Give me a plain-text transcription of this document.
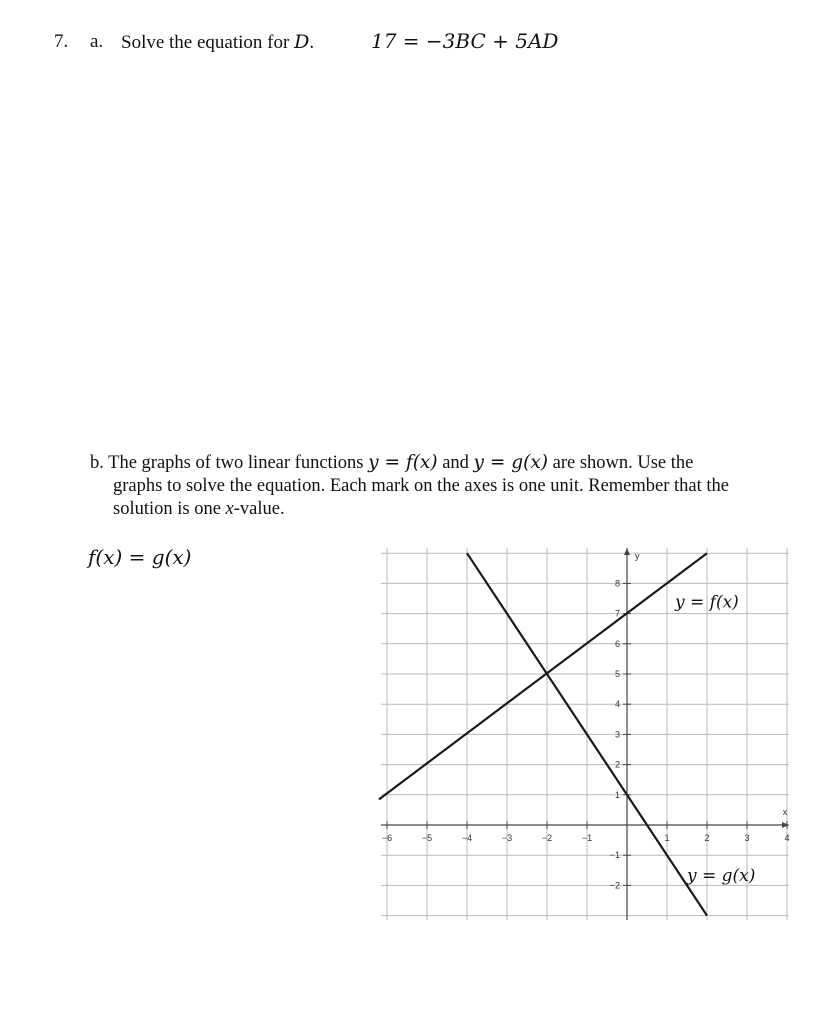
7. a. Solve the equation for D.	17 = −3BC + 5AD
b. The graphs of two linear functions y = f(x) and y = g(x) are shown. Use the
graphs to solve the equation. Each mark on the axes is one unit. Remember that the
solution is one x-value.
f(x) = g(x)
x
y
−6	−5	−4	−3	−2	−1	1	2	3	4
−2
−1
1
2
3
4
5
6
7
8
y = f(x)
y = g(x)
